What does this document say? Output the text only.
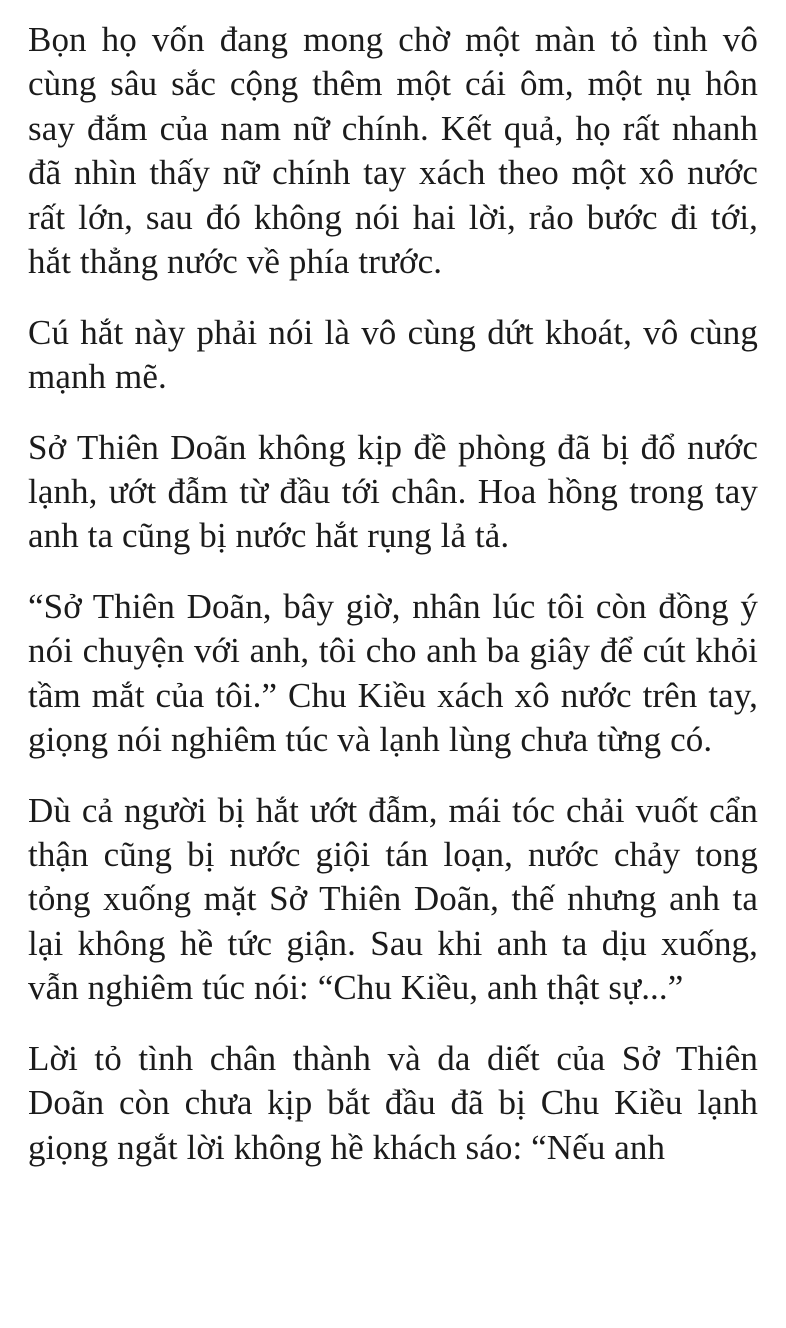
Bọn họ vốn đang mong chờ một màn tỏ tình vô cùng sâu sắc cộng thêm một cái ôm, một nụ hôn say đắm của nam nữ chính. Kết quả, họ rất nhanh đã nhìn thấy nữ chính tay xách theo một xô nước rất lớn, sau đó không nói hai lời, rảo bước đi tới, hắt thẳng nước về phía trước.

Cú hắt này phải nói là vô cùng dứt khoát, vô cùng mạnh mẽ.

Sở Thiên Doãn không kịp đề phòng đã bị đổ nước lạnh, ướt đẫm từ đầu tới chân. Hoa hồng trong tay anh ta cũng bị nước hắt rụng lả tả.

“Sở Thiên Doãn, bây giờ, nhân lúc tôi còn đồng ý nói chuyện với anh, tôi cho anh ba giây để cút khỏi tầm mắt của tôi.” Chu Kiều xách xô nước trên tay, giọng nói nghiêm túc và lạnh lùng chưa từng có.

Dù cả người bị hắt ướt đẫm, mái tóc chải vuốt cẩn thận cũng bị nước giội tán loạn, nước chảy tong tỏng xuống mặt Sở Thiên Doãn, thế nhưng anh ta lại không hề tức giận. Sau khi anh ta dịu xuống, vẫn nghiêm túc nói: “Chu Kiều, anh thật sự...”

Lời tỏ tình chân thành và da diết của Sở Thiên Doãn còn chưa kịp bắt đầu đã bị Chu Kiều lạnh giọng ngắt lời không hề khách sáo: “Nếu anh
